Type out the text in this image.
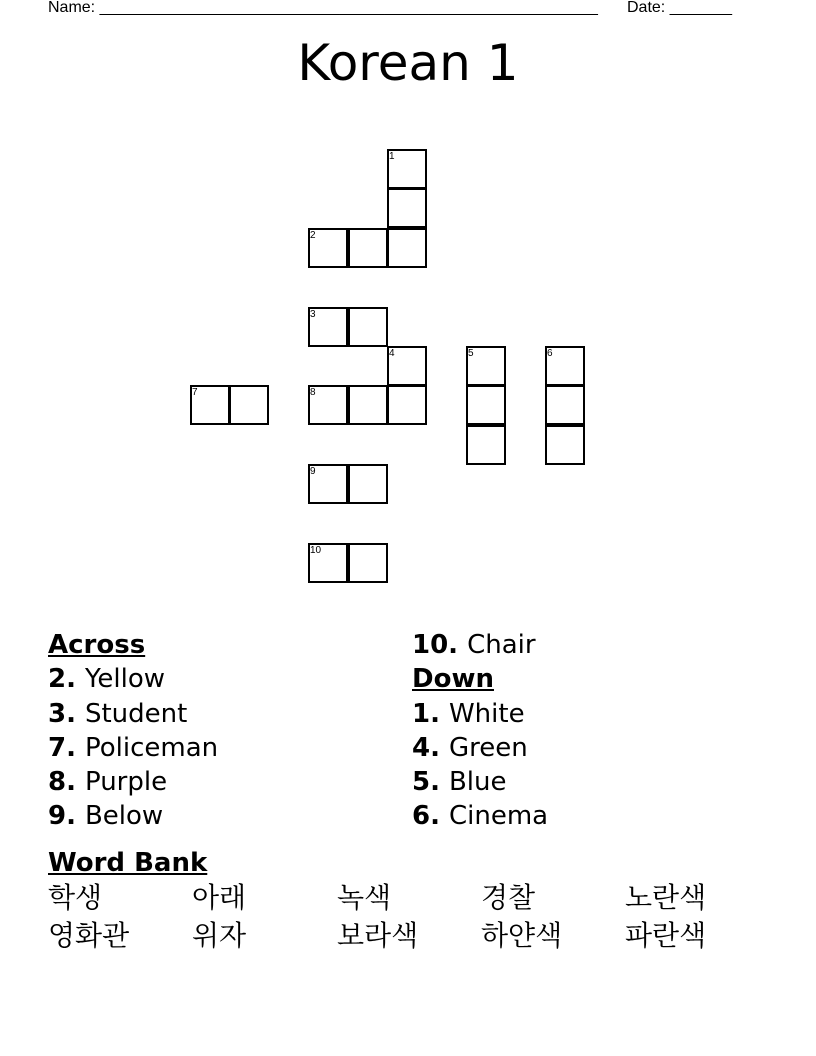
Name: ________________________________________________________ Date: _______
Korean 1
1
2
3
4	5	6
7	8
9
10
Across
2. Yellow
3. Student
7. Policeman
8. Purple
9. Below
10. Chair
Down
1. White
4. Green
5. Blue
6. Cinema
Word Bank
학생	아래	녹색	경찰	노란색
영화관 위자	보라색 하얀색 파란색
